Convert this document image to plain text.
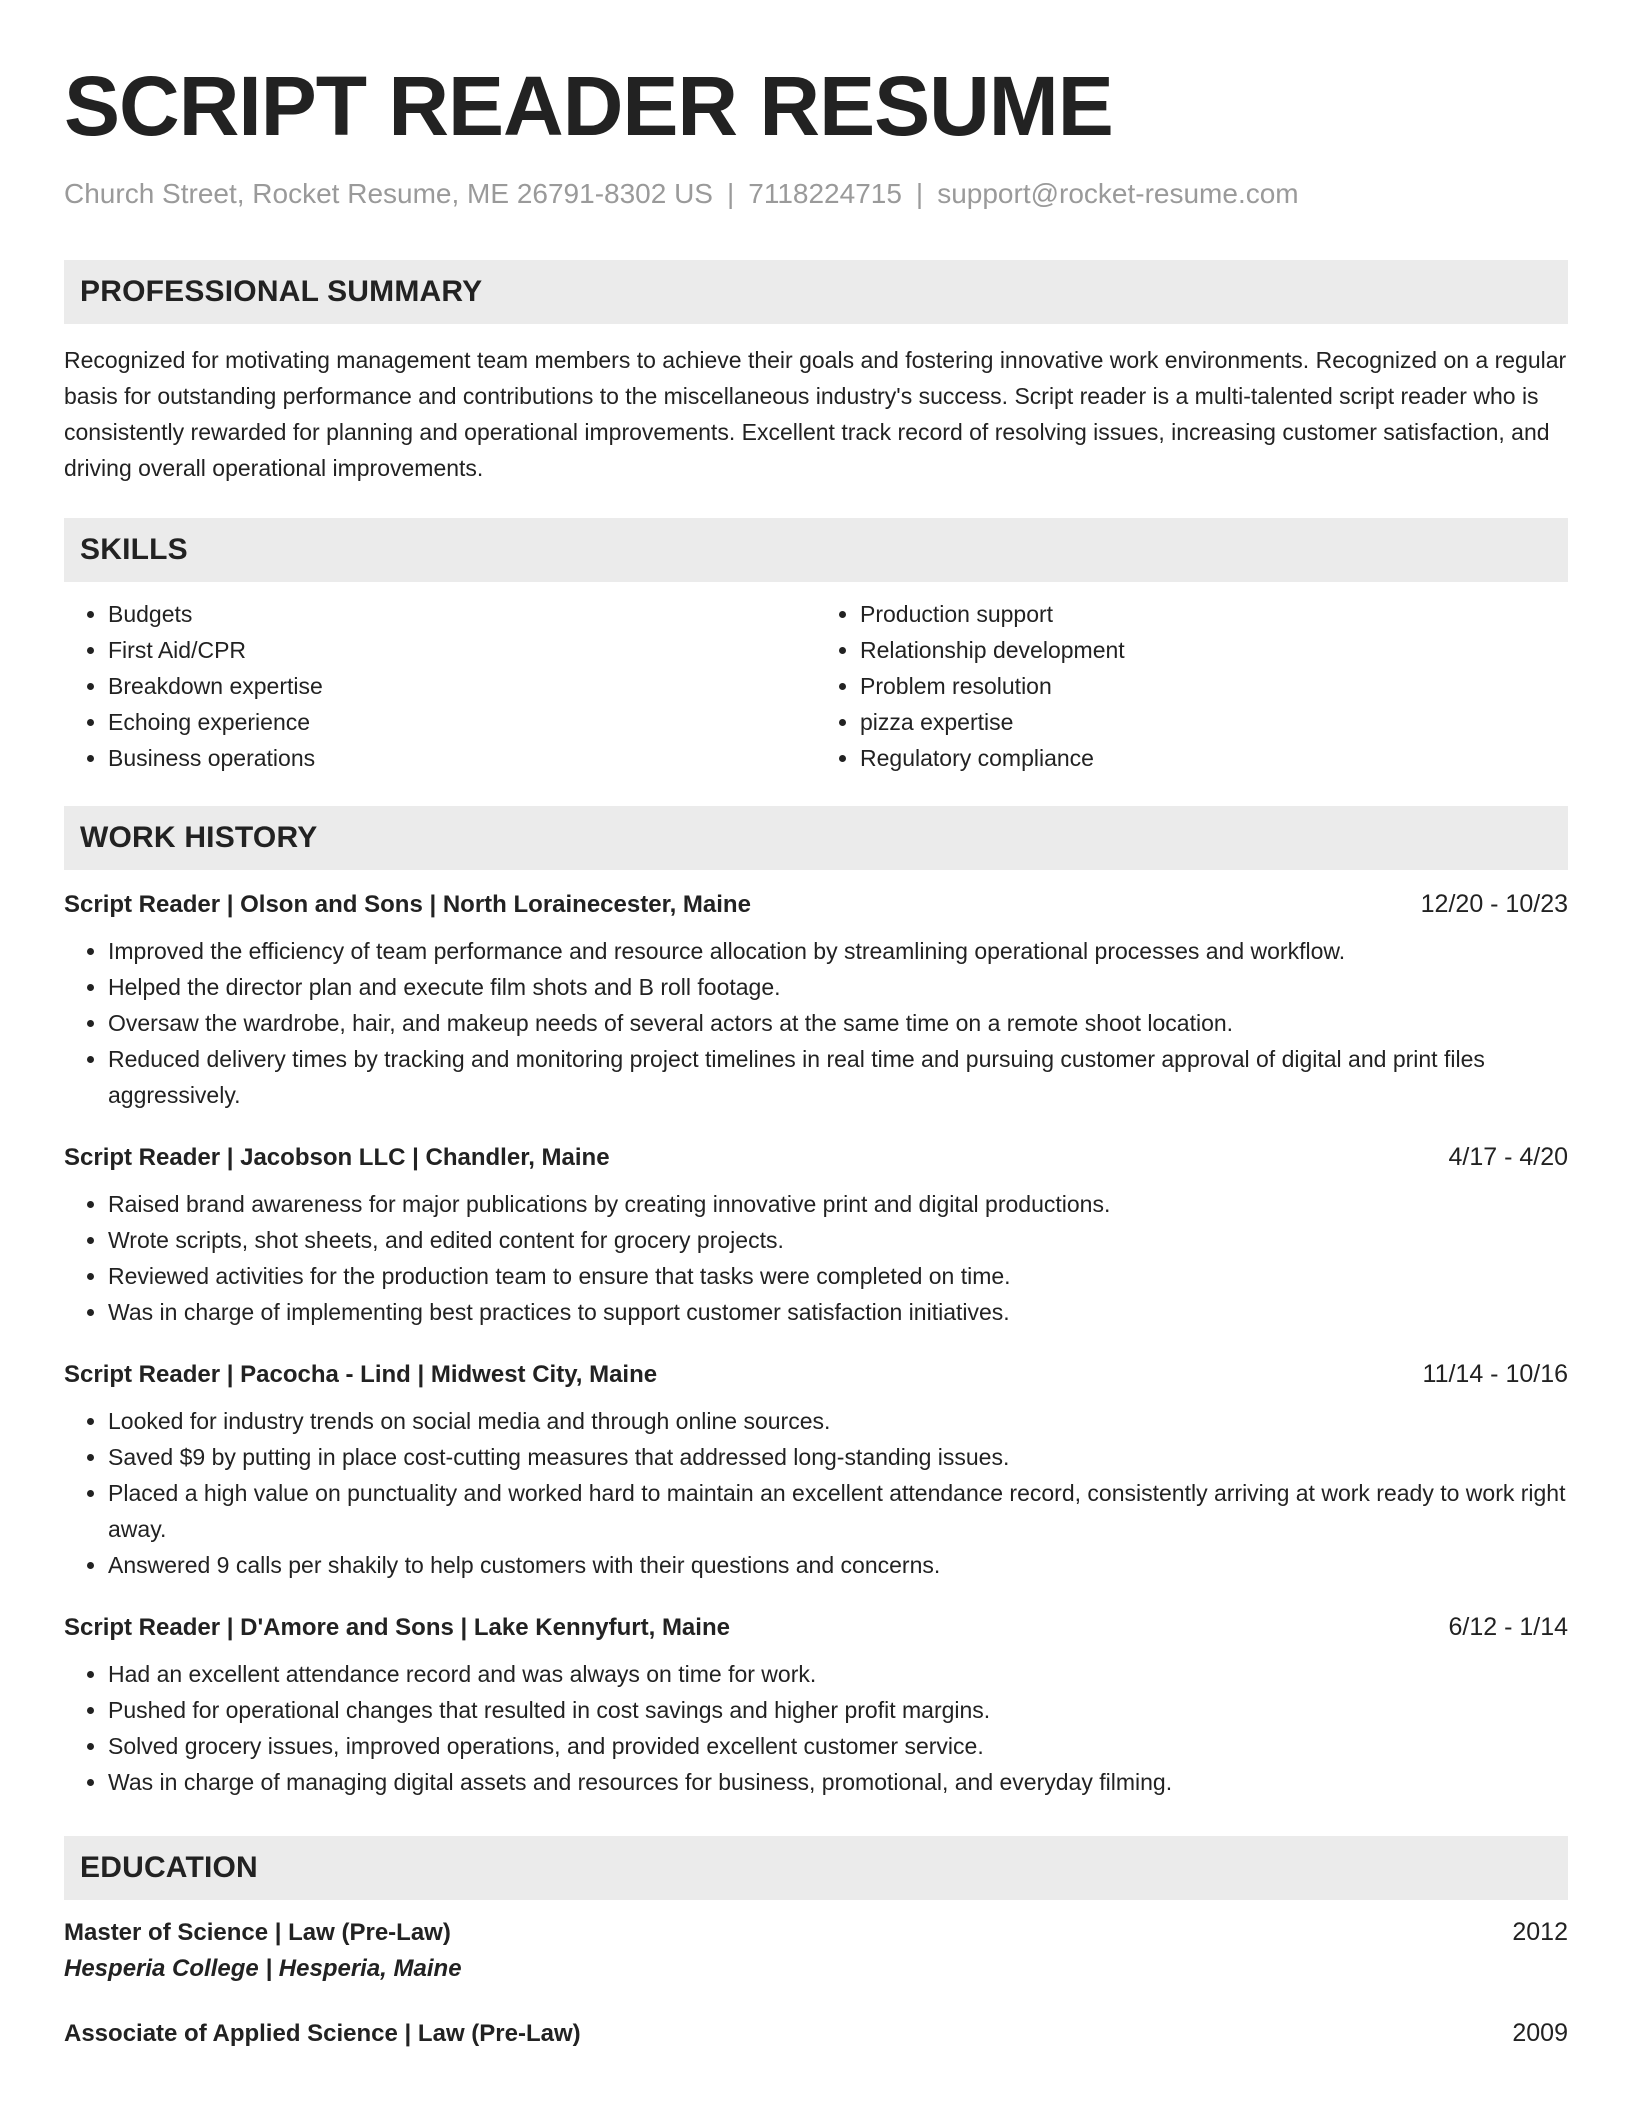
SCRIPT READER RESUME
Church Street, Rocket Resume, ME 26791-8302 US | 7118224715 | support@rocket-resume.com
PROFESSIONAL SUMMARY
Recognized for motivating management team members to achieve their goals and fostering innovative work environments. Recognized on a regular basis for outstanding performance and contributions to the miscellaneous industry's success. Script reader is a multi-talented script reader who is consistently rewarded for planning and operational improvements. Excellent track record of resolving issues, increasing customer satisfaction, and driving overall operational improvements.
SKILLS
• Budgets
• First Aid/CPR
• Breakdown expertise
• Echoing experience
• Business operations
• Production support
• Relationship development
• Problem resolution
• pizza expertise
• Regulatory compliance
WORK HISTORY
Script Reader | Olson and Sons | North Lorainecester, Maine	12/20 - 10/23
• Improved the efficiency of team performance and resource allocation by streamlining operational processes and workflow.
• Helped the director plan and execute film shots and B roll footage.
• Oversaw the wardrobe, hair, and makeup needs of several actors at the same time on a remote shoot location.
• Reduced delivery times by tracking and monitoring project timelines in real time and pursuing customer approval of digital and print files aggressively.
Script Reader | Jacobson LLC | Chandler, Maine	4/17 - 4/20
• Raised brand awareness for major publications by creating innovative print and digital productions.
• Wrote scripts, shot sheets, and edited content for grocery projects.
• Reviewed activities for the production team to ensure that tasks were completed on time.
• Was in charge of implementing best practices to support customer satisfaction initiatives.
Script Reader | Pacocha - Lind | Midwest City, Maine	11/14 - 10/16
• Looked for industry trends on social media and through online sources.
• Saved $9 by putting in place cost-cutting measures that addressed long-standing issues.
• Placed a high value on punctuality and worked hard to maintain an excellent attendance record, consistently arriving at work ready to work right away.
• Answered 9 calls per shakily to help customers with their questions and concerns.
Script Reader | D'Amore and Sons | Lake Kennyfurt, Maine	6/12 - 1/14
• Had an excellent attendance record and was always on time for work.
• Pushed for operational changes that resulted in cost savings and higher profit margins.
• Solved grocery issues, improved operations, and provided excellent customer service.
• Was in charge of managing digital assets and resources for business, promotional, and everyday filming.
EDUCATION
Master of Science | Law (Pre-Law)	2012
Hesperia College | Hesperia, Maine
Associate of Applied Science | Law (Pre-Law)	2009
